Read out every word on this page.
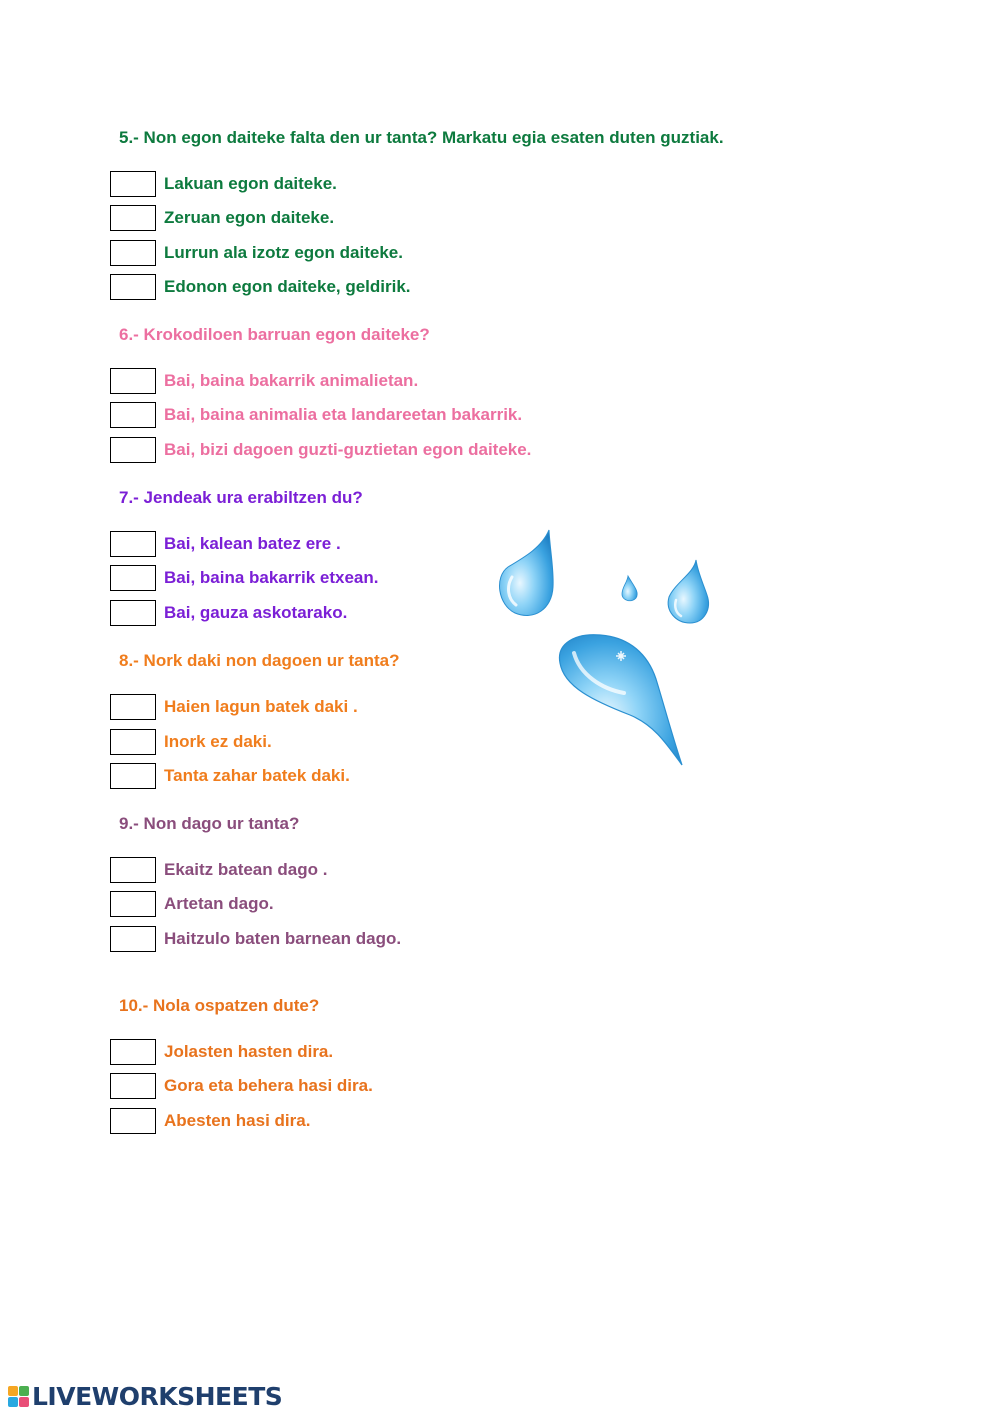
5.- Non egon daiteke falta den ur tanta? Markatu egia esaten duten guztiak.

Lakuan egon daiteke.
Zeruan egon daiteke.
Lurrun ala izotz egon daiteke.
Edonon egon daiteke, geldirik.

6.- Krokodiloen barruan egon daiteke?

Bai, baina bakarrik animalietan.
Bai, baina animalia eta landareetan bakarrik.
Bai, bizi dagoen guzti-guztietan egon daiteke.

7.- Jendeak ura erabiltzen du?

Bai, kalean batez ere .
Bai, baina bakarrik etxean.
Bai, gauza askotarako.

8.- Nork daki non dagoen ur tanta?

Haien lagun batek daki .
Inork ez daki.
Tanta zahar batek daki.

9.- Non dago ur tanta?

Ekaitz batean dago .
Artetan dago.
Haitzulo baten barnean dago.

10.- Nola ospatzen dute?

Jolasten hasten dira.
Gora eta behera hasi dira.
Abesten hasi dira.
LIVEWORKSHEETS
